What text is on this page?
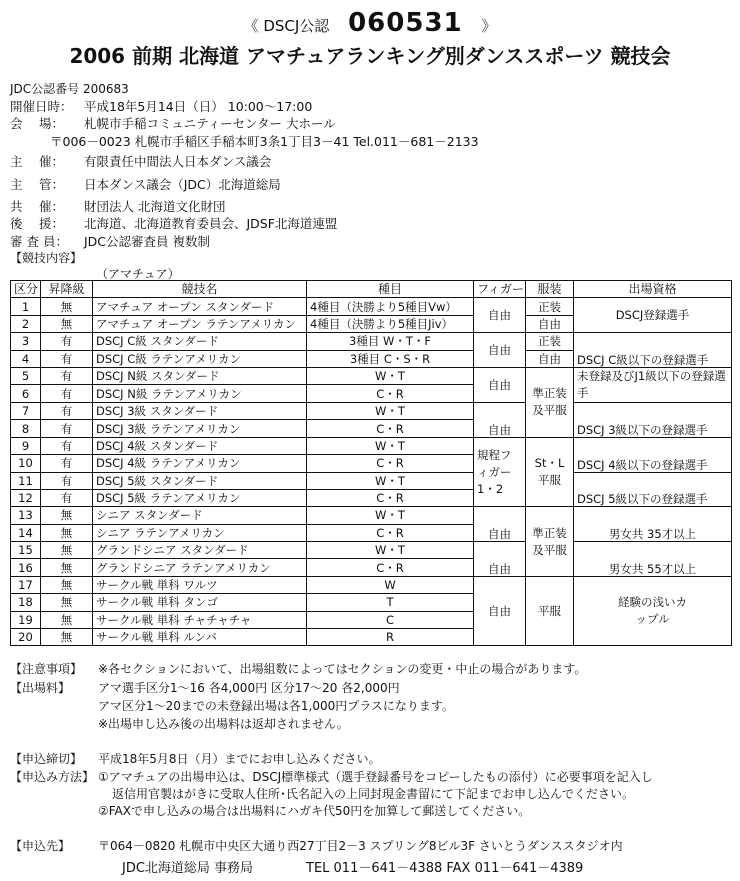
《 DSCJ公認 060531 》
2006 前期 北海道 アマチュアランキング別ダンススポーツ 競技会
JDC公認番号 200683
開催日時： 平成18年5月14日（日） 10:00～17:00
会　 場： 札幌市手稲コミュニティーセンター 大ホール
〒006－0023 札幌市手稲区手稲本町3条1丁目3－41 Tel.011－681－2133
主　 催： 有限責任中間法人日本ダンス議会
主　 管： 日本ダンス議会（JDC）北海道総局
共　 催： 財団法人 北海道文化財団
後　 援： 北海道、北海道教育委員会、JDSF北海道連盟
審 査 員： JDC公認審査員 複数制
【競技内容】
（アマチュア）
区分	昇降級	競技名	種目	フィガー	服装	出場資格
1	無	アマチュア オープン スタンダード	4種目（決勝より5種目Vw）	自由	正装	DSCJ登録選手
2	無	アマチュア オープン ラテンアメリカン	4種目（決勝より5種目Jiv）		自由	
3	有	DSCJ C級 スタンダード	3種目 W・T・F	自由	正装	DSCJ C級以下の登録選手
4	有	DSCJ C級 ラテンアメリカン	3種目 C・S・R		自由	
5	有	DSCJ N級 スタンダード	W・T	自由	準正装及平服	未登録及びJ1級以下の登録選手
6	有	DSCJ N級 ラテンアメリカン	C・R			
7	有	DSCJ 3級 スタンダード	W・T	自由		DSCJ 3級以下の登録選手
8	有	DSCJ 3級 ラテンアメリカン	C・R			
9	有	DSCJ 4級 スタンダード	W・T	規程フィガー1・2	St・L平服	DSCJ 4級以下の登録選手
10	有	DSCJ 4級 ラテンアメリカン	C・R			
11	有	DSCJ 5級 スタンダード	W・T			DSCJ 5級以下の登録選手
12	有	DSCJ 5級 ラテンアメリカン	C・R			
13	無	シニア スタンダード	W・T	自由	準正装及平服	男女共 35才以上
14	無	シニア ラテンアメリカン	C・R			
15	無	グランドシニア スタンダード	W・T	自由		男女共 55才以上
16	無	グランドシニア ラテンアメリカン	C・R			
17	無	サークル戦 単科 ワルツ	W	自由	平服	経験の浅いカップル
18	無	サークル戦 単科 タンゴ	T			
19	無	サークル戦 単科 チャチャチャ	C			
20	無	サークル戦 単科 ルンバ	R			
【注意事項】 ※各セクションにおいて、出場組数によってはセクションの変更・中止の場合があります。
【出場料】 アマ選手区分1～16 各4,000円 区分17～20 各2,000円
アマ区分1～20までの未登録出場は各1,000円プラスになります。
※出場申し込み後の出場料は返却されません。
【申込締切】 平成18年5月8日（月）までにお申し込みください。
【申込み方法】 ①アマチュアの出場申込は、DSCJ標準様式（選手登録番号をコピーしたもの添付）に必要事項を記入し
返信用官製はがきに受取人住所･氏名記入の上同封現金書留にて下記までお申し込んでください。
②FAXで申し込みの場合は出場料にハガキ代50円を加算して郵送してください。
【申込先】 〒064－0820 札幌市中央区大通り西27丁目2－3 スプリング8ビル3F さいとうダンススタジオ内
JDC北海道総局 事務局	TEL 011－641－4388 FAX 011－641－4389
